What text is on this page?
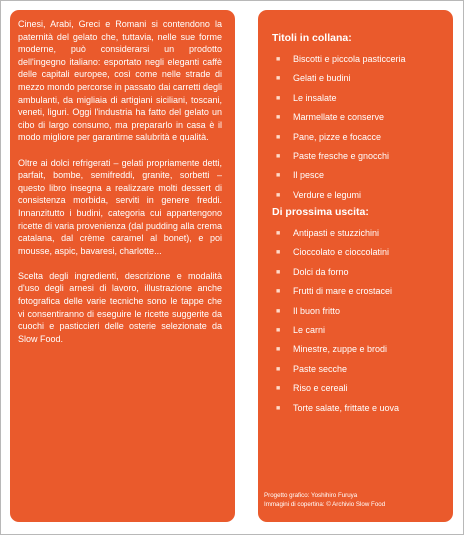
Cinesi, Arabi, Greci e Romani si contendono la paternità del gelato che, tuttavia, nelle sue forme moderne, può considerarsi un prodotto dell'ingegno italiano: esportato negli eleganti caffè delle capitali europee, così come nelle strade di mezzo mondo percorse in passato dai carretti degli ambulanti, da migliaia di artigiani siciliani, toscani, veneti, liguri. Oggi l'industria ha fatto del gelato un cibo di largo consumo, ma prepararlo in casa è il modo migliore per garantirne salubrità e qualità.

Oltre ai dolci refrigerati – gelati propriamente detti, parfait, bombe, semifreddi, granite, sorbetti – questo libro insegna a realizzare molti dessert di consistenza morbida, serviti in genere freddi. Innanzitutto i budini, categoria cui appartengono ricette di varia provenienza (dal pudding alla crema catalana, dal crème caramel al bonet), e poi mousse, aspic, bavaresi, charlotte...

Scelta degli ingredienti, descrizione e modalità d'uso degli arnesi di lavoro, illustrazione anche fotografica delle varie tecniche sono le tappe che vi consentiranno di eseguire le ricette suggerite da cuochi e pasticcieri delle osterie selezionate da Slow Food.

Titoli in collana:
■ Biscotti e piccola pasticceria
■ Gelati e budini
■ Le insalate
■ Marmellate e conserve
■ Pane, pizze e focacce
■ Paste fresche e gnocchi
■ Il pesce
■ Verdure e legumi
Di prossima uscita:
■ Antipasti e stuzzichini
■ Cioccolato e cioccolatini
■ Dolci da forno
■ Frutti di mare e crostacei
■ Il buon fritto
■ Le carni
■ Minestre, zuppe e brodi
■ Paste secche
■ Riso e cereali
■ Torte salate, frittate e uova
Progetto grafico: Yoshihiro Furuya
Immagini di copertina: © Archivio Slow Food
